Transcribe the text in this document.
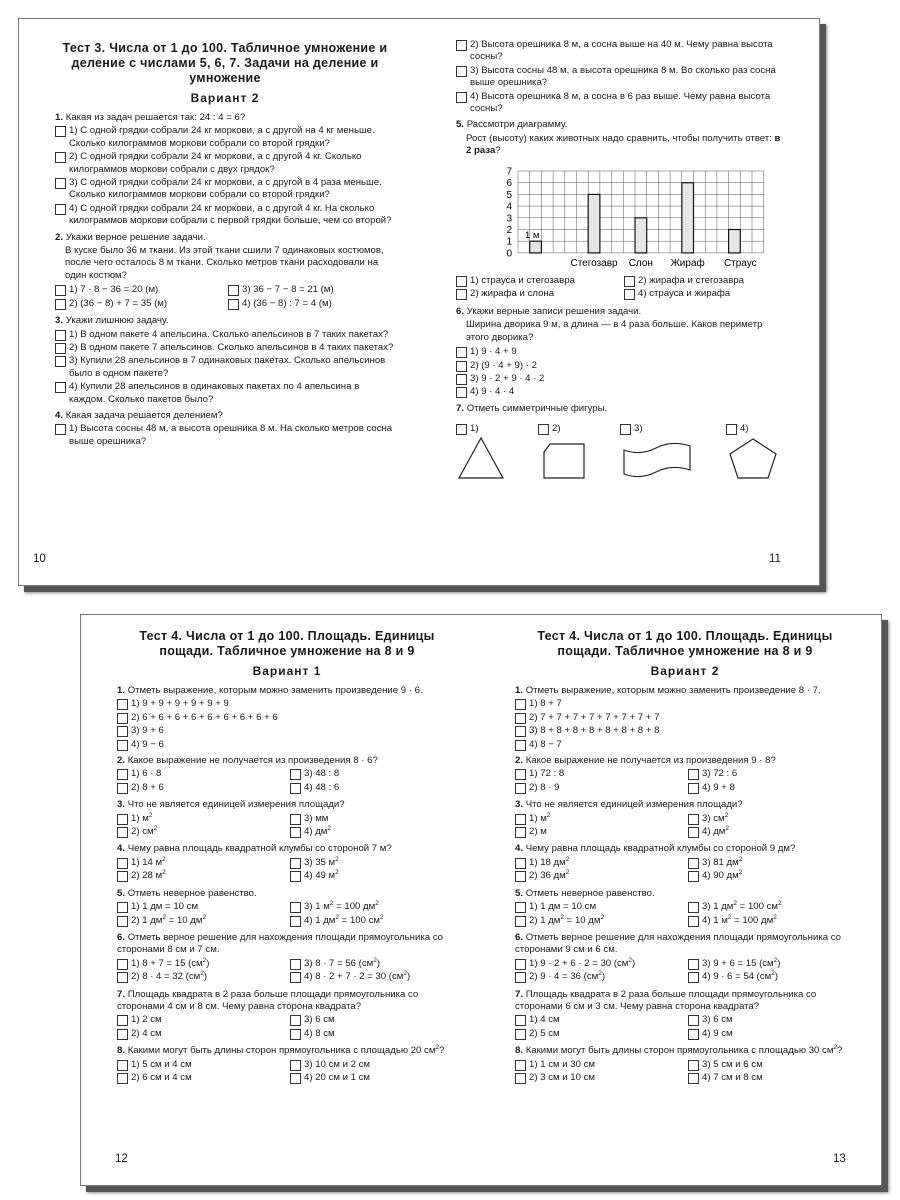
Тест 3. Числа от 1 до 100. Табличное умножение и деление с числами 5, 6, 7. Задачи на деление и умножение
Вариант 2
1. Какая из задач решается так: 24 : 4 = 6?
1) С одной грядки собрали 24 кг моркови, а с другой на 4 кг меньше. Сколько килограммов моркови собрали со второй грядки?
2) С одной грядки собрали 24 кг моркови, а с другой 4 кг. Сколько килограммов моркови собрали с двух грядок?
3) С одной грядки собрали 24 кг моркови, а с другой в 4 раза меньше. Сколько килограммов моркови собрали со второй грядки?
4) С одной грядки собрали 24 кг моркови, а с другой 4 кг. На сколько килограммов моркови собрали с первой грядки больше, чем со второй?
2. Укажи верное решение задачи.
В куске было 36 м ткани. Из этой ткани сшили 7 одинаковых костюмов, после чего осталось 8 м ткани. Сколько метров ткани расходовали на один костюм?
1) 7 · 8 − 36 = 20 (м)	3) 36 − 7 − 8 = 21 (м)
2) (36 − 8) + 7 = 35 (м)	4) (36 − 8) : 7 = 4 (м)
3. Укажи лишнюю задачу.
1) В одном пакете 4 апельсина. Сколько апельсинов в 7 таких пакетах?
2) В одном пакете 7 апельсинов. Сколько апельсинов в 4 таких пакетах?
3) Купили 28 апельсинов в 7 одинаковых пакетах. Сколько апельсинов было в одном пакете?
4) Купили 28 апельсинов в одинаковых пакетах по 4 апельсина в каждом. Сколько пакетов было?
4. Какая задача решается делением?
1) Высота сосны 48 м, а высота орешника 8 м. На сколько метров сосна выше орешника?
10
2) Высота орешника 8 м, а сосна выше на 40 м. Чему равна высота сосны?
3) Высота сосны 48 м, а высота орешника 8 м. Во сколько раз сосна выше орешника?
4) Высота орешника 8 м, а сосна в 6 раз выше. Чему равна высота сосны?
5. Рассмотри диаграмму.
Рост (высоту) каких животных надо сравнить, чтобы получить ответ: в 2 раза?
0
1
2
3
4
5
6
7
Стегозавр Слон Жираф Страус
1 м
1) страуса и стегозавра	2) жирафа и стегозавра
2) жирафа и слона	4) страуса и жирафа
6. Укажи верные записи решения задачи.
Ширина дворика 9 м, а длина — в 4 раза больше. Каков периметр этого дворика?
1) 9 · 4 + 9
2) (9 · 4 + 9) · 2
3) 9 · 2 + 9 · 4 · 2
4) 9 · 4 · 4
7. Отметь симметричные фигуры.
1)	2)	3)	4)
11
Тест 4. Числа от 1 до 100. Площадь. Единицы пощади. Табличное умножение на 8 и 9
Вариант 1
1. Отметь выражение, которым можно заменить произведение 9 · 6.
1) 9 + 9 + 9 + 9 + 9 + 9
2) 6 + 6 + 6 + 6 + 6 + 6 + 6 + 6 + 6
3) 9 + 6
4) 9 − 6
2. Какое выражение не получается из произведения 8 · 6?
1) 6 · 8	3) 48 : 8
2) 8 + 6	4) 48 : 6
3. Что не является единицей измерения площади?
1) $м^2$	3) мм
2) $см^2$	4) $дм^2$
4. Чему равна площадь квадратной клумбы со стороной 7 м?
1) 14 $м^2$	3) 35 $м^2$
2) 28 $м^2$	4) 49 $м^2$
5. Отметь неверное равенство.
1) 1 дм = 10 см	3) 1 $м^2 = 100$ $дм^2$
2) 1 $дм^2 = 10$ $дм^2$	4) 1 $дм^2 = 100$ $см^2$
6. Отметь верное решение для нахождения площади прямоугольника со сторонами 8 см и 7 см.
1) 8 + 7 = 15 $(см^2)$	3) 8 · 7 = 56 $(см^2)$
2) 8 · 4 = 32 $(см^2)$	4) 8 · 2 + 7 · 2 = 30 $(см^2)$
7. Площадь квадрата в 2 раза больше площади прямоугольника со сторонами 4 см и 8 см. Чему равна сторона квадрата?
1) 2 см	3) 6 см
2) 4 см	4) 8 см
8. Какими могут быть длины сторон прямоугольника с площадью 20 $см^2$?
1) 5 см и 4 см	3) 10 см и 2 см
2) 6 см и 4 см	4) 20 см и 1 см
12
Тест 4. Числа от 1 до 100. Площадь. Единицы пощади. Табличное умножение на 8 и 9
Вариант 2
1. Отметь выражение, которым можно заменить произведение 8 · 7.
1) 8 + 7
2) 7 + 7 + 7 + 7 + 7 + 7 + 7 + 7
3) 8 + 8 + 8 + 8 + 8 + 8 + 8 + 8
4) 8 − 7
2. Какое выражение не получается из произведения 9 · 8?
1) 72 : 8	3) 72 : 6
2) 8 · 9	4) 9 + 8
3. Что не является единицей измерения площади?
1) $м^2$	3) $см^2$
2) м	4) $дм^2$
4. Чему равна площадь квадратной клумбы со стороной 9 дм?
1) 18 $дм^2$	3) 81 $дм^2$
2) 36 $дм^2$	4) 90 $дм^2$
5. Отметь неверное равенство.
1) 1 дм = 10 см	3) 1 $дм^2 = 100$ $см^2$
2) 1 $дм^2 = 10$ $дм^2$	4) 1 $м^2 = 100$ $дм^2$
6. Отметь верное решение для нахождения площади прямоугольника со сторонами 9 см и 6 см.
1) 9 · 2 + 6 · 2 = 30 $(см^2)$	3) 9 + 6 = 15 $(см^2)$
2) 9 · 4 = 36 $(см^2)$	4) 9 · 6 = 54 $(см^2)$
7. Площадь квадрата в 2 раза больше площади прямоугольника со сторонами 6 см и 3 см. Чему равна сторона квадрата?
1) 4 см	3) 6 см
2) 5 см	4) 9 см
8. Какими могут быть длины сторон прямоугольника с площадью 30 $см^2$?
1) 1 см и 30 см	3) 5 см и 6 см
2) 3 см и 10 см	4) 7 см и 8 см
13
